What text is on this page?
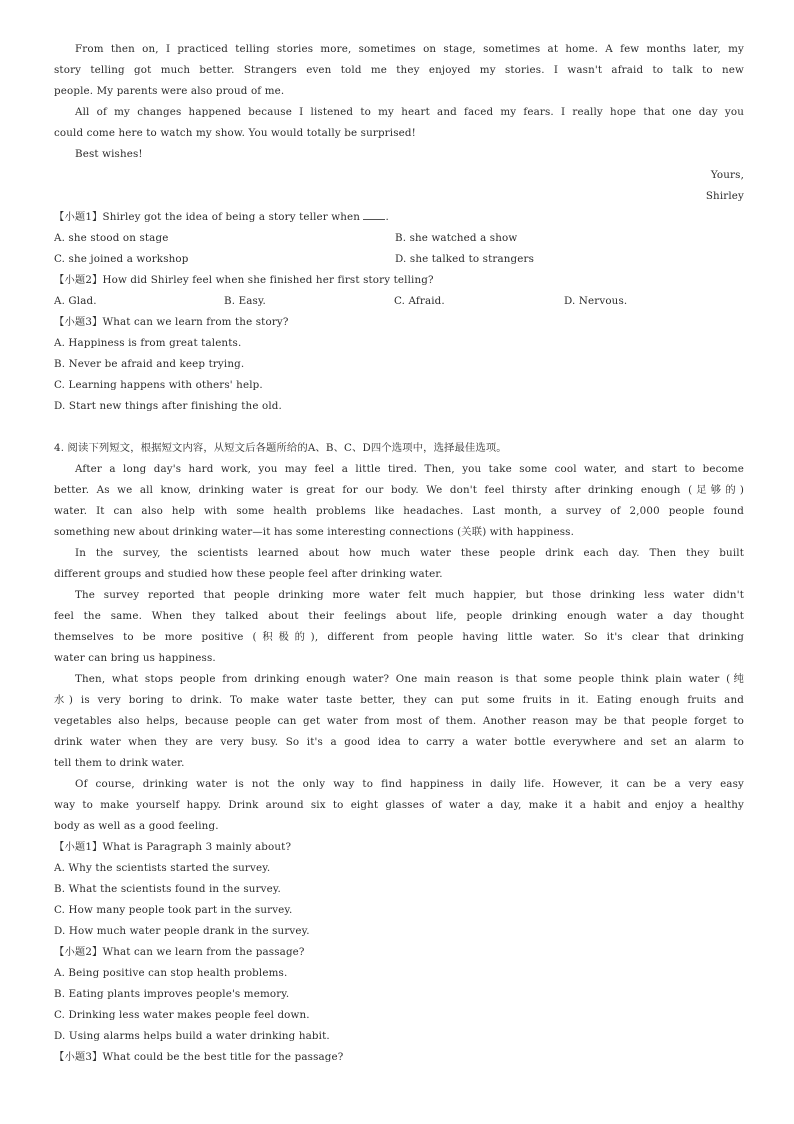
From then on, I practiced telling stories more, sometimes on stage, sometimes at home. A few months later, my
story telling got much better. Strangers even told me they enjoyed my stories. I wasn't afraid to talk to new
people. My parents were also proud of me.
All of my changes happened because I listened to my heart and faced my fears. I really hope that one day you
could come here to watch my show. You would totally be surprised!
Best wishes!
Yours,
Shirley
【小题1】Shirley got the idea of being a story teller when .
A. she stood on stage	B. she watched a show
C. she joined a workshop	D. she talked to strangers
【小题2】How did Shirley feel when she finished her first story telling?
A. Glad.	B. Easy.	C. Afraid.	D. Nervous.
【小题3】What can we learn from the story?
A. Happiness is from great talents.
B. Never be afraid and keep trying.
C. Learning happens with others' help.
D. Start new things after finishing the old.
4. 阅读下列短文，根据短文内容，从短文后各题所给的A、B、C、D四个选项中，选择最佳选项。
After a long day's hard work, you may feel a little tired. Then, you take some cool water, and start to become
better. As we all know, drinking water is great for our body. We don't feel thirsty after drinking enough (足够的)
water. It can also help with some health problems like headaches. Last month, a survey of 2,000 people found
something new about drinking water—it has some interesting connections (关联) with happiness.
In the survey, the scientists learned about how much water these people drink each day. Then they built
different groups and studied how these people feel after drinking water.
The survey reported that people drinking more water felt much happier, but those drinking less water didn't
feel the same. When they talked about their feelings about life, people drinking enough water a day thought
themselves to be more positive (积极的), different from people having little water. So it's clear that drinking
water can bring us happiness.
Then, what stops people from drinking enough water? One main reason is that some people think plain water (纯
水) is very boring to drink. To make water taste better, they can put some fruits in it. Eating enough fruits and
vegetables also helps, because people can get water from most of them. Another reason may be that people forget to
drink water when they are very busy. So it's a good idea to carry a water bottle everywhere and set an alarm to
tell them to drink water.
Of course, drinking water is not the only way to find happiness in daily life. However, it can be a very easy
way to make yourself happy. Drink around six to eight glasses of water a day, make it a habit and enjoy a healthy
body as well as a good feeling.
【小题1】What is Paragraph 3 mainly about?
A. Why the scientists started the survey.
B. What the scientists found in the survey.
C. How many people took part in the survey.
D. How much water people drank in the survey.
【小题2】What can we learn from the passage?
A. Being positive can stop health problems.
B. Eating plants improves people's memory.
C. Drinking less water makes people feel down.
D. Using alarms helps build a water drinking habit.
【小题3】What could be the best title for the passage?
